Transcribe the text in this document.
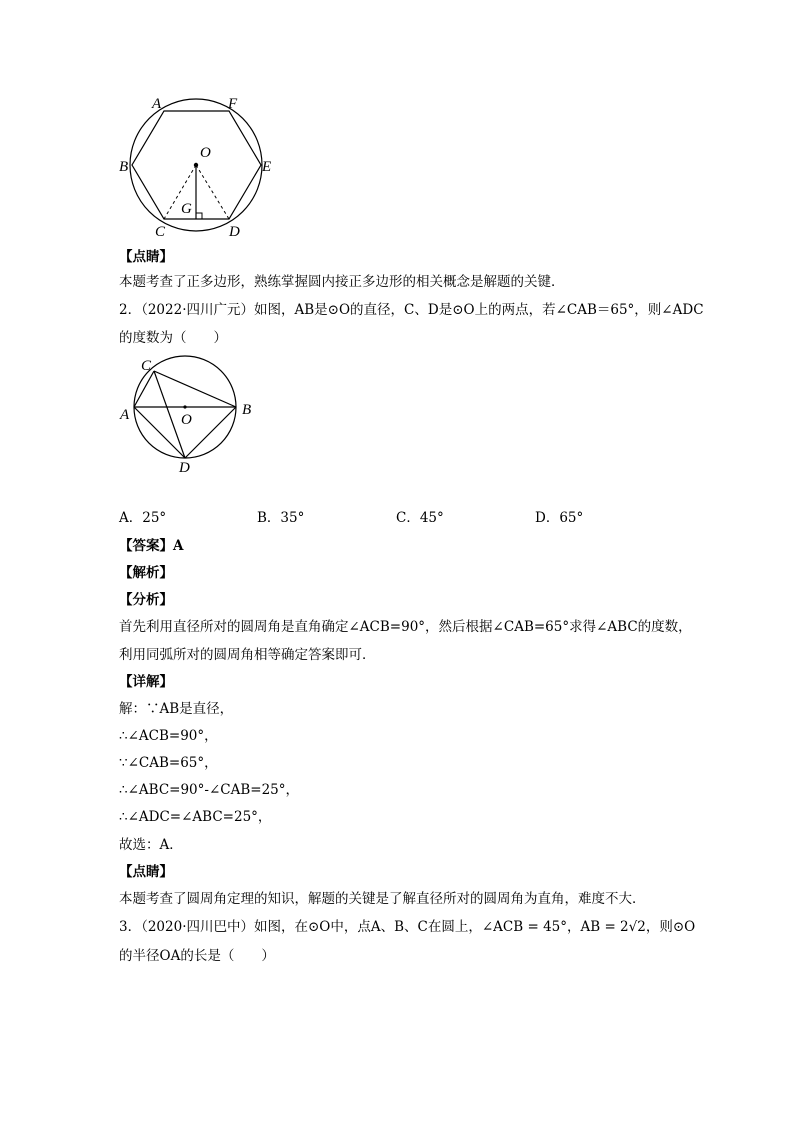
A	F
B	E
O
G
C	D

【点睛】

本题考查了正多边形，熟练掌握圆内接正多边形的相关概念是解题的关键．

2．（2022·四川广元）如图，AB是⊙O的直径，C、D是⊙O上的两点，若∠CAB＝65°，则∠ADC

的度数为（　　）

C
A	O
B
D

A．25°	B．35°	C．45°	D．65°

【答案】A

【解析】

【分析】

首先利用直径所对的圆周角是直角确定∠ACB=90°，然后根据∠CAB=65°求得∠ABC的度数，

利用同弧所对的圆周角相等确定答案即可．

【详解】

解：∵AB是直径，

∴∠ACB=90°，

∵∠CAB=65°，

∴∠ABC=90°-∠CAB=25°，

∴∠ADC=∠ABC=25°，

故选：A．

【点睛】

本题考查了圆周角定理的知识，解题的关键是了解直径所对的圆周角为直角，难度不大．

3．（2020·四川巴中）如图，在⊙O中，点A、B、C在圆上，∠ACB = 45°，AB = 2√2，则⊙O

的半径OA的长是（　　）
